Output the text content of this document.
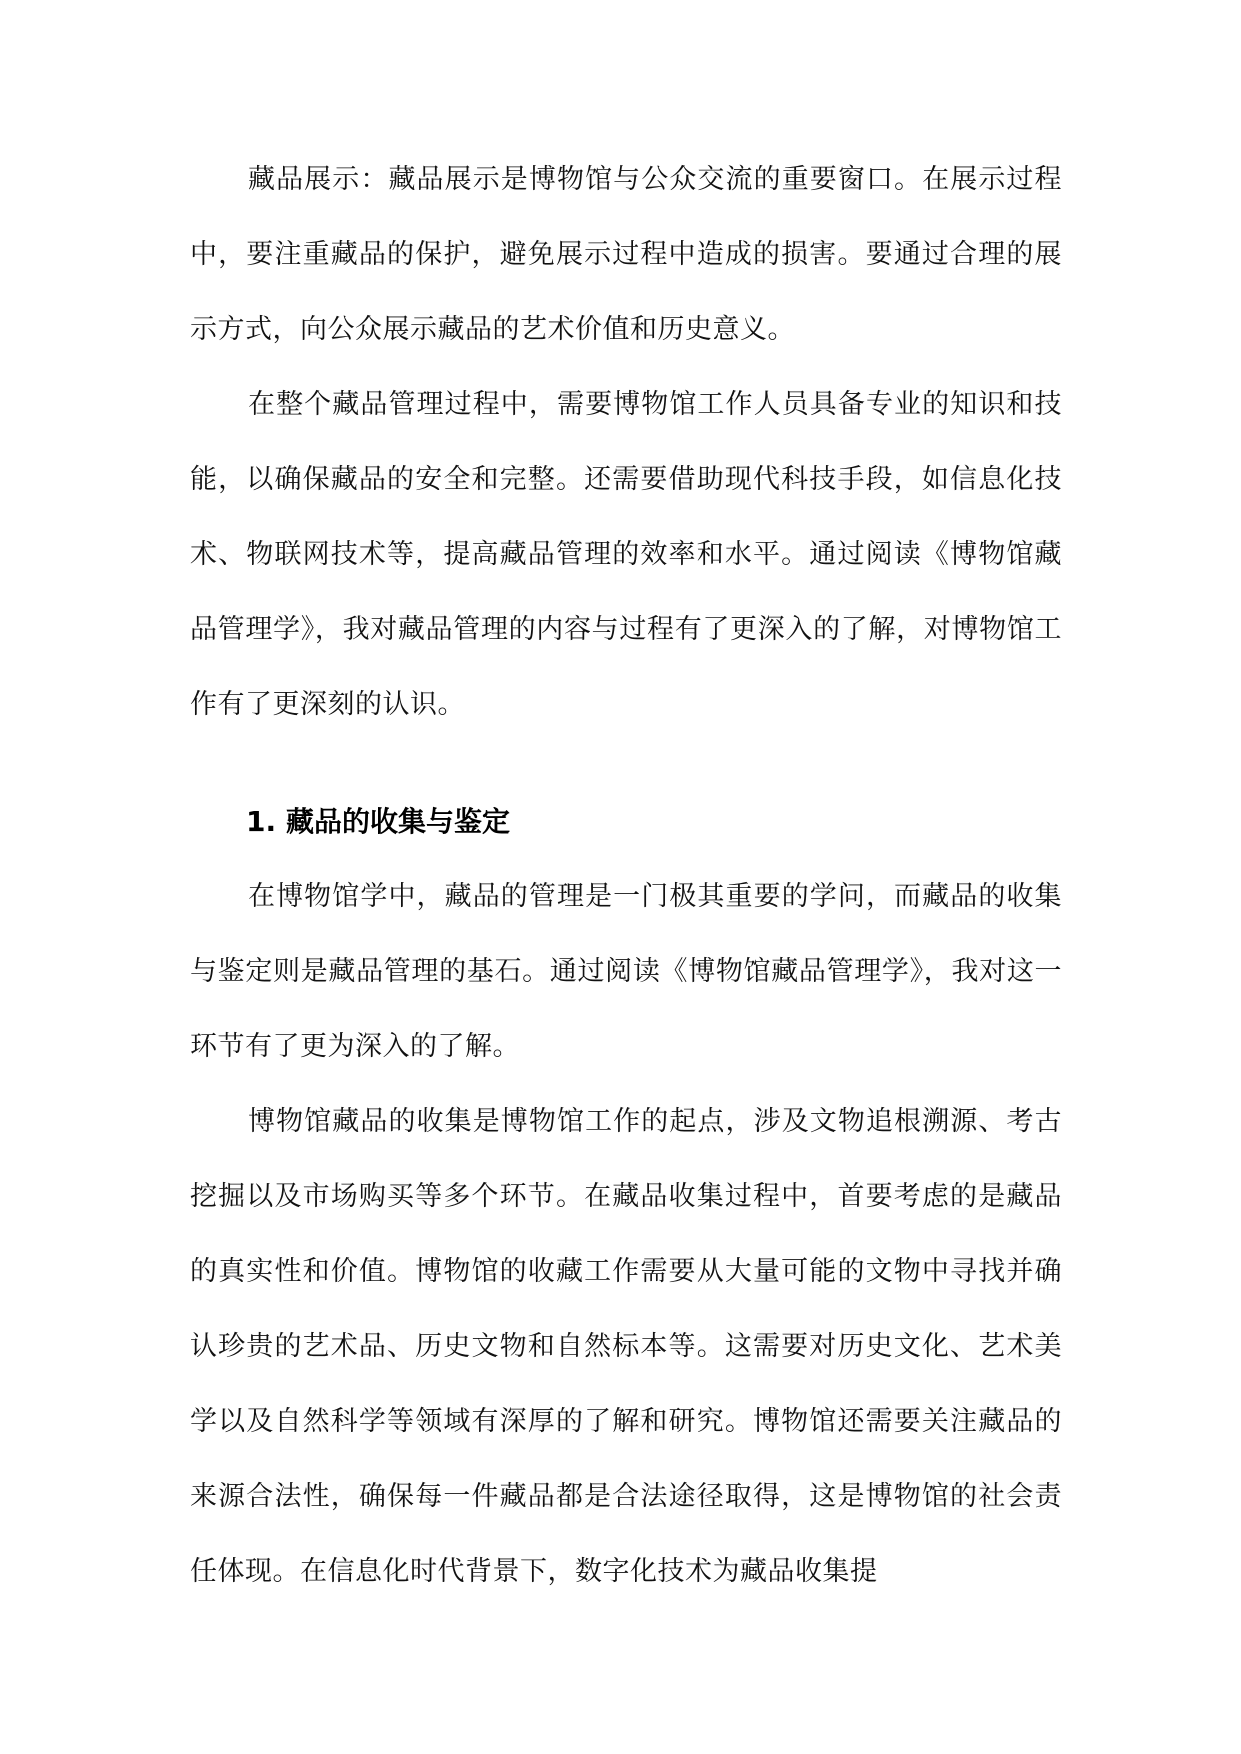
藏品展示：藏品展示是博物馆与公众交流的重要窗口。在展示过程中，要注重藏品的保护，避免展示过程中造成的损害。要通过合理的展示方式，向公众展示藏品的艺术价值和历史意义。

在整个藏品管理过程中，需要博物馆工作人员具备专业的知识和技能，以确保藏品的安全和完整。还需要借助现代科技手段，如信息化技术、物联网技术等，提高藏品管理的效率和水平。通过阅读《博物馆藏品管理学》，我对藏品管理的内容与过程有了更深入的了解，对博物馆工作有了更深刻的认识。

1. 藏品的收集与鉴定

在博物馆学中，藏品的管理是一门极其重要的学问，而藏品的收集与鉴定则是藏品管理的基石。通过阅读《博物馆藏品管理学》，我对这一环节有了更为深入的了解。

博物馆藏品的收集是博物馆工作的起点，涉及文物追根溯源、考古挖掘以及市场购买等多个环节。在藏品收集过程中，首要考虑的是藏品的真实性和价值。博物馆的收藏工作需要从大量可能的文物中寻找并确认珍贵的艺术品、历史文物和自然标本等。这需要对历史文化、艺术美学以及自然科学等领域有深厚的了解和研究。博物馆还需要关注藏品的来源合法性，确保每一件藏品都是合法途径取得，这是博物馆的社会责任体现。在信息化时代背景下，数字化技术为藏品收集提
